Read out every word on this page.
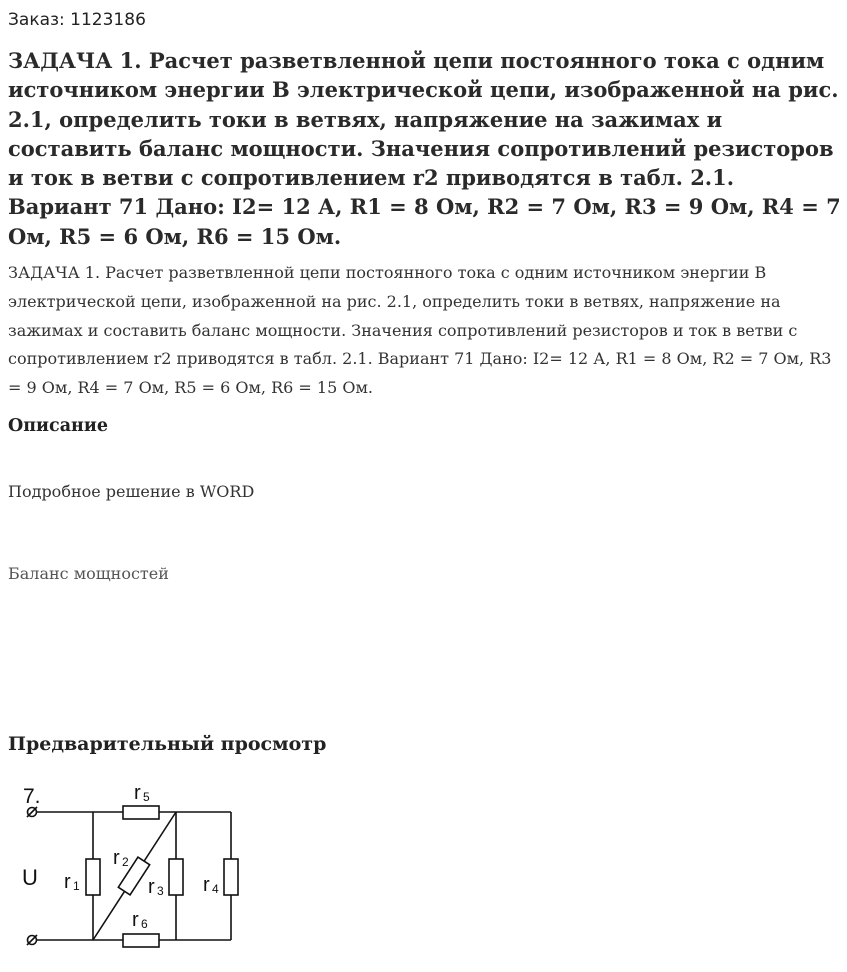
Заказ: 1123186
ЗАДАЧА 1. Расчет разветвленной цепи постоянного тока с одним источником энергии В электрической цепи, изображенной на рис. 2.1, определить токи в ветвях, напряжение на зажимах и составить баланс мощности. Значения сопротивлений резисторов и ток в ветви с сопротивлением r2 приводятся в табл. 2.1. Вариант 71 Дано: I2= 12 А, R1 = 8 Ом, R2 = 7 Ом, R3 = 9 Ом, R4 = 7 Ом, R5 = 6 Ом, R6 = 15 Ом.
ЗАДАЧА 1. Расчет разветвленной цепи постоянного тока с одним источником энергии В электрической цепи, изображенной на рис. 2.1, определить токи в ветвях, напряжение на зажимах и составить баланс мощности. Значения сопротивлений резисторов и ток в ветви с сопротивлением r2 приводятся в табл. 2.1. Вариант 71 Дано: I2= 12 А, R1 = 8 Ом, R2 = 7 Ом, R3 = 9 Ом, R4 = 7 Ом, R5 = 6 Ом, R6 = 15 Ом.
Описание
Подробное решение в WORD
Баланс мощностей
Предварительный просмотр
7.
U
r 5
r 1
r 2
r 3 r 4
r 6
